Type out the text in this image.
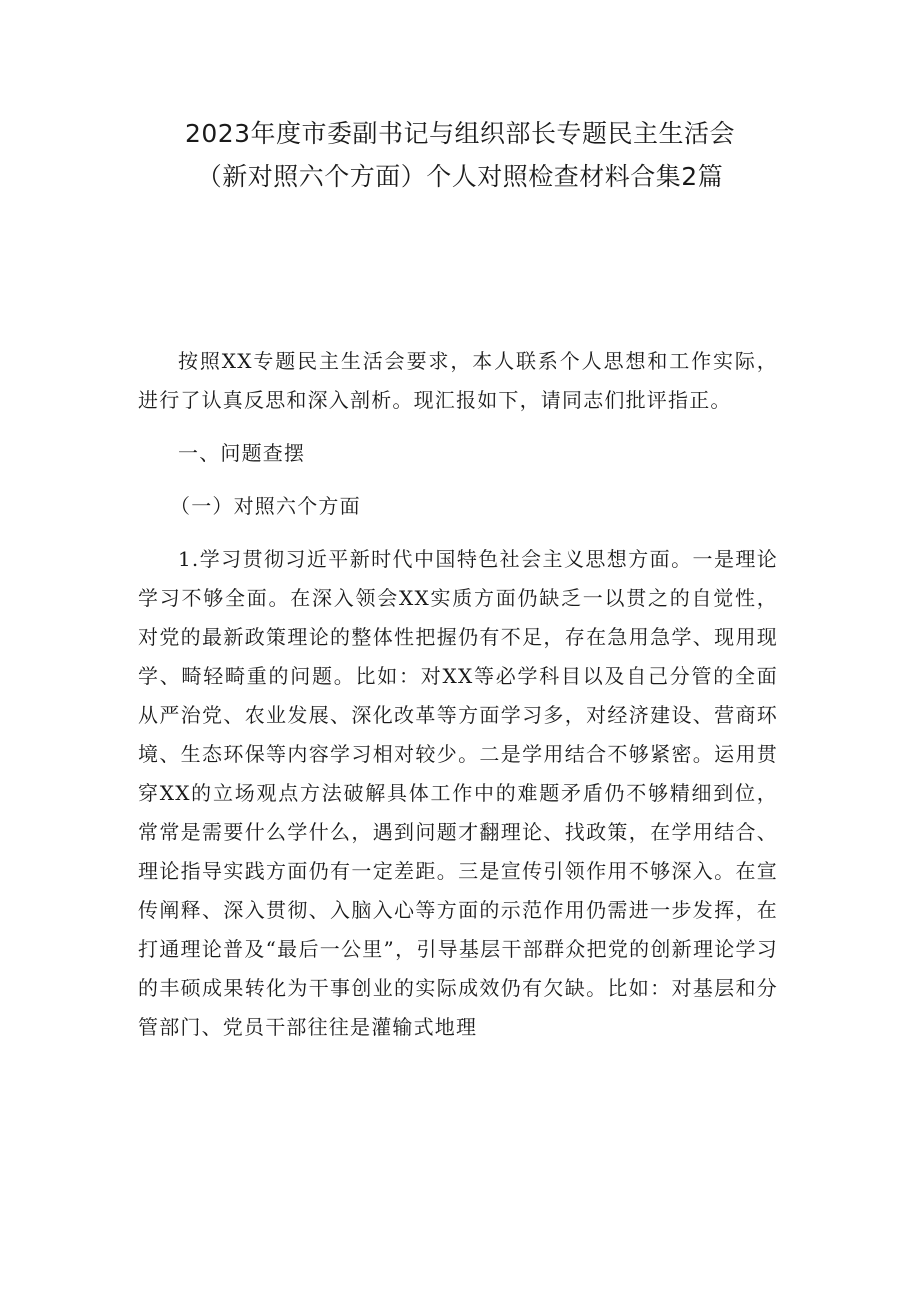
2023年度市委副书记与组织部长专题民主生活会
（新对照六个方面）个人对照检查材料合集2篇

按照XX专题民主生活会要求，本人联系个人思想和工作实际，进行了认真反思和深入剖析。现汇报如下，请同志们批评指正。

一、问题查摆

（一）对照六个方面

1.学习贯彻习近平新时代中国特色社会主义思想方面。一是理论学习不够全面。在深入领会XX实质方面仍缺乏一以贯之的自觉性，对党的最新政策理论的整体性把握仍有不足，存在急用急学、现用现学、畸轻畸重的问题。比如：对XX等必学科目以及自己分管的全面从严治党、农业发展、深化改革等方面学习多，对经济建设、营商环境、生态环保等内容学习相对较少。二是学用结合不够紧密。运用贯穿XX的立场观点方法破解具体工作中的难题矛盾仍不够精细到位，常常是需要什么学什么，遇到问题才翻理论、找政策，在学用结合、理论指导实践方面仍有一定差距。三是宣传引领作用不够深入。在宣传阐释、深入贯彻、入脑入心等方面的示范作用仍需进一步发挥，在打通理论普及“最后一公里”，引导基层干部群众把党的创新理论学习的丰硕成果转化为干事创业的实际成效仍有欠缺。比如：对基层和分管部门、党员干部往往是灌输式地理
